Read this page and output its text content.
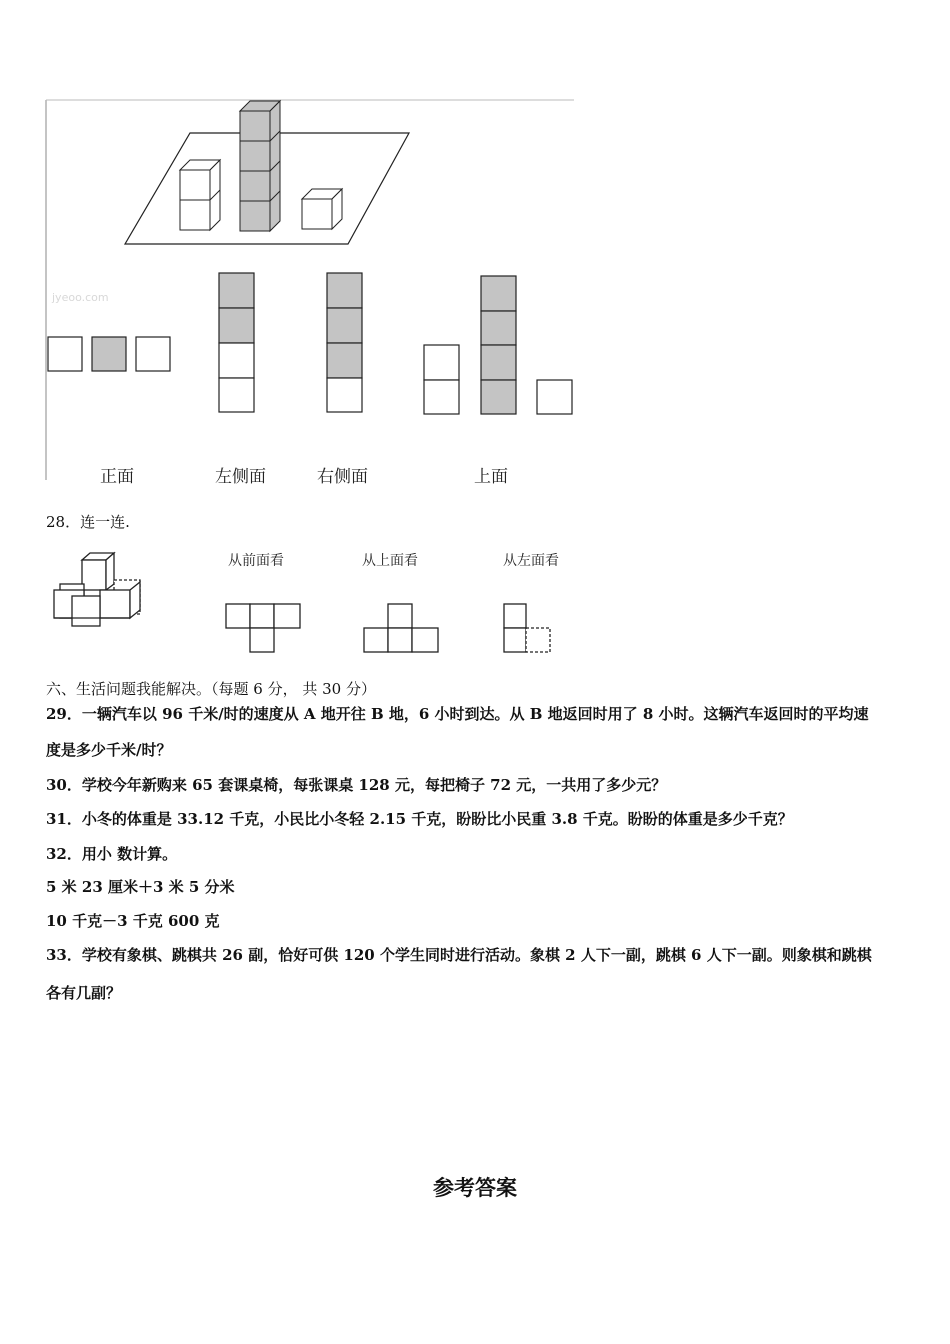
jyeoo.com
正面	左侧面	右侧面	上面
28．连一连.
从前面看	从上面看	从左面看
六、生活问题我能解决。（每题 6 分， 共 30 分）
29．一辆汽车以 96 千米/时的速度从 A 地开往 B 地，6 小时到达。从 B 地返回时用了 8 小时。这辆汽车返回时的平均速
度是多少千米/时？
30．学校今年新购来 65 套课桌椅，每张课桌 128 元，每把椅子 72 元，一共用了多少元？
31．小冬的体重是 33.12 千克，小民比小冬轻 2.15 千克，盼盼比小民重 3.8 千克。盼盼的体重是多少千克？
32．用小 数计算。
5 米 23 厘米＋3 米 5 分米
10 千克－3 千克 600 克
33．学校有象棋、跳棋共 26 副，恰好可供 120 个学生同时进行活动。象棋 2 人下一副，跳棋 6 人下一副。则象棋和跳棋
各有几副？
参考答案
